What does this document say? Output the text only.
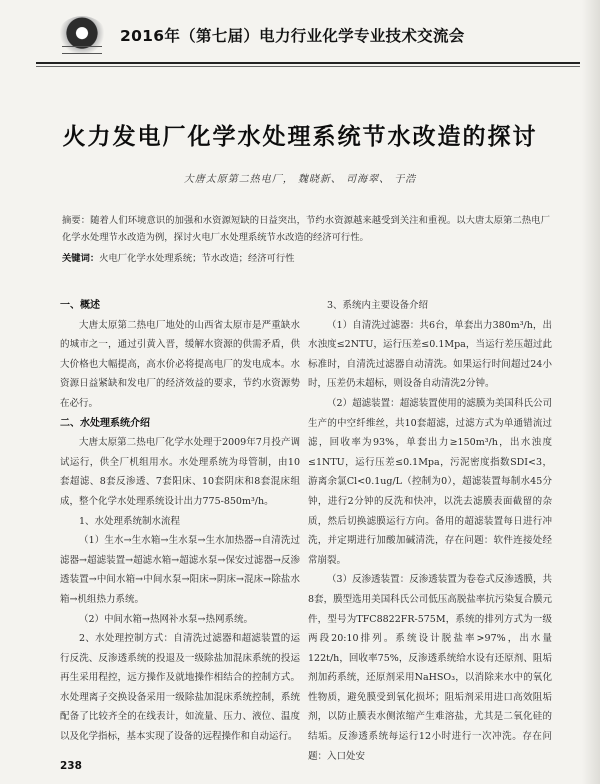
2016年（第七届）电力行业化学专业技术交流会
火力发电厂化学水处理系统节水改造的探讨
大唐太原第二热电厂， 魏晓新、 司海翠、 于浩

摘要：随着人们环境意识的加强和水资源短缺的日益突出，节约水资源越来越受到关注和重视。以大唐太原第二热电厂化学水处理节水改造为例，探讨火电厂水处理系统节水改造的经济可行性。

关键词：火电厂化学水处理系统；节水改造；经济可行性

一、概述

大唐太原第二热电厂地处的山西省太原市是严重缺水的城市之一，通过引黄入晋，缓解水资源的供需矛盾，供大价格也大幅提高，高水价必将提高电厂的发电成本。水资源日益紧缺和发电厂的经济效益的要求，节约水资源势在必行。

二、水处理系统介绍

大唐太原第二热电厂化学水处理于2009年7月投产调试运行，供全厂机组用水。水处理系统为母管制，由10套超滤、8套反渗透、7套阳床、10套阴床和8套混床组成，整个化学水处理系统设计出力775-850m³/h。

1、水处理系统制水流程

（1）生水→生水箱→生水泵→生水加热器→自清洗过滤器→超滤装置→超滤水箱→超滤水泵→保安过滤器→反渗透装置→中间水箱→中间水泵→阳床→阴床→混床→除盐水箱→机组热力系统。

（2）中间水箱→热网补水泵→热网系统。

2、水处理控制方式：自清洗过滤器和超滤装置的运行反洗、反渗透系统的投退及一级除盐加混床系统的投运再生采用程控，远方操作及就地操作相结合的控制方式。水处理离子交换设备采用一级除盐加混床系统控制，系统配备了比较齐全的在线表计，如流量、压力、液位、温度以及化学指标，基本实现了设备的远程操作和自动运行。

3、系统内主要设备介绍

（1）自清洗过滤器：共6台，单套出力380m³/h，出水浊度≤2NTU，运行压差≤0.1Mpa，当运行差压超过此标准时，自清洗过滤器自动清洗。如果运行时间超过24小时，压差仍未超标，则设备自动清洗2分钟。

（2）超滤装置：超滤装置使用的滤膜为美国科氏公司生产的中空纤维丝，共10套超滤，过滤方式为单通错流过滤，回收率为93%，单套出力≥150m³/h，出水浊度≤1NTU，运行压差≤0.1Mpa，污泥密度指数SDI<3，游离余氯Cl<0.1ug/L（控制为0），超滤装置每制水45分钟，进行2分钟的反洗和快冲，以洗去滤膜表面截留的杂质，然后切换滤膜运行方向。备用的超滤装置每日进行冲洗，并定期进行加酸加碱清洗，存在问题：软件连接处经常崩裂。

（3）反渗透装置：反渗透装置为卷卷式反渗透膜，共8套，膜型选用美国科氏公司低压高脱盐率抗污染复合膜元件，型号为TFC8822FR-575M，系统的排列方式为一级两段20:10排列。系统设计脱盐率>97%，出水量122t/h，回收率75%，反渗透系统给水设有还原剂、阻垢剂加药系统，还原剂采用NaHSO₃，以消除来水中的氧化性物质，避免膜受到氧化损坏；阻垢剂采用进口高效阻垢剂，以防止膜表水侧浓缩产生难溶盐，尤其是二氧化硅的结垢。反渗透系统每运行12小时进行一次冲洗。存在问题：入口处安

238
